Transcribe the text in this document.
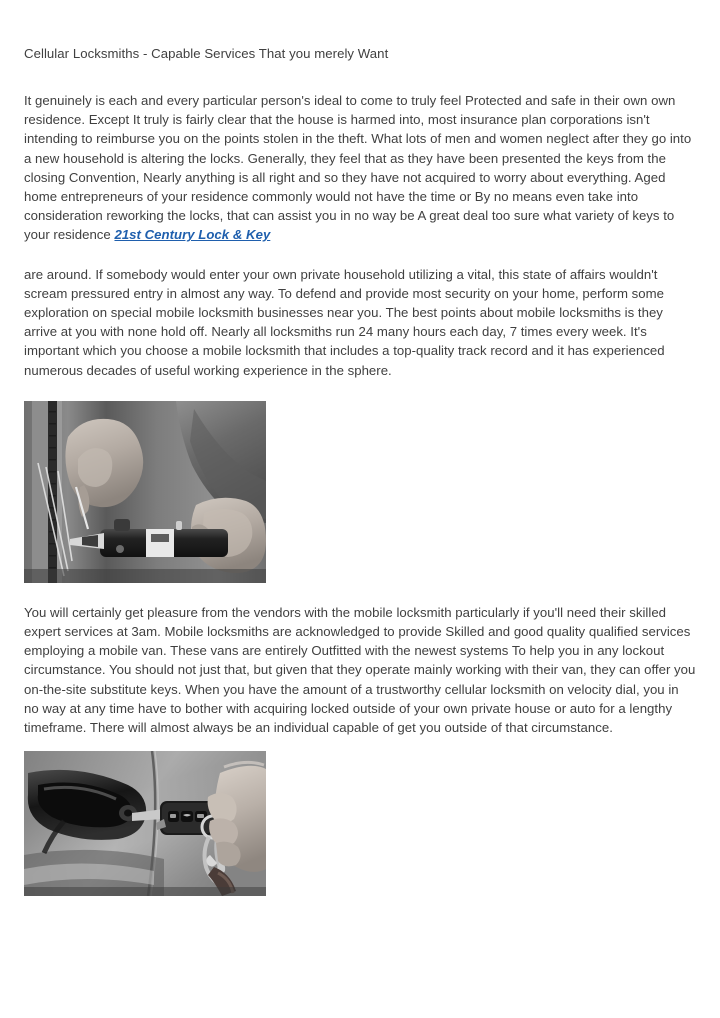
Cellular Locksmiths - Capable Services That you merely Want

It genuinely is each and every particular person's ideal to come to truly feel Protected and safe in their own own residence. Except It truly is fairly clear that the house is harmed into, most insurance plan corporations isn't intending to reimburse you on the points stolen in the theft. What lots of men and women neglect after they go into a new household is altering the locks. Generally, they feel that as they have been presented the keys from the closing Convention, Nearly anything is all right and so they have not acquired to worry about everything. Aged home entrepreneurs of your residence commonly would not have the time or By no means even take into consideration reworking the locks, that can assist you in no way be A great deal too sure what variety of keys to your residence 21st Century Lock & Key

are around. If somebody would enter your own private household utilizing a vital, this state of affairs wouldn't scream pressured entry in almost any way. To defend and provide most security on your home, perform some exploration on special mobile locksmith businesses near you. The best points about mobile locksmiths is they arrive at you with none hold off. Nearly all locksmiths run 24 many hours each day, 7 times every week. It's important which you choose a mobile locksmith that includes a top-quality track record and it has experienced numerous decades of useful working experience in the sphere.

You will certainly get pleasure from the vendors with the mobile locksmith particularly if you'll need their skilled expert services at 3am. Mobile locksmiths are acknowledged to provide Skilled and good quality qualified services employing a mobile van. These vans are entirely Outfitted with the newest systems To help you in any lockout circumstance. You should not just that, but given that they operate mainly working with their van, they can offer you on-the-site substitute keys. When you have the amount of a trustworthy cellular locksmith on velocity dial, you in no way at any time have to bother with acquiring locked outside of your own private house or auto for a lengthy timeframe. There will almost always be an individual capable of get you outside of that circumstance.
